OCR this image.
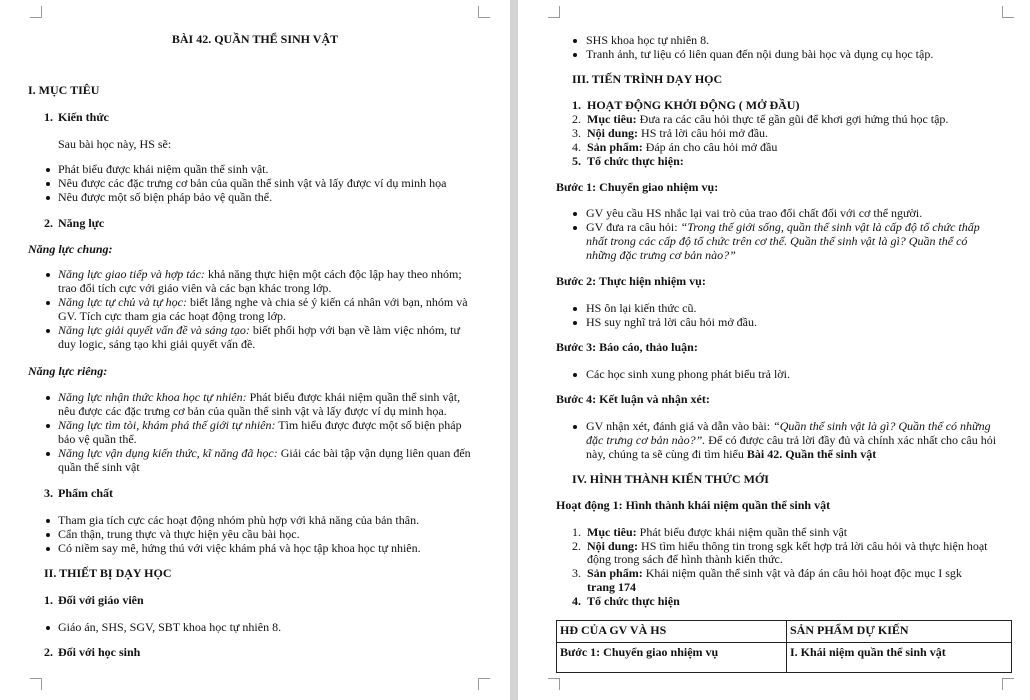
BÀI 42. QUẦN THỂ SINH VẬT
I. MỤC TIÊU
1. Kiến thức
Sau bài học này, HS sẽ:
Phát biểu được khái niệm quần thể sinh vật.
Nêu được các đặc trưng cơ bản của quần thể sinh vật và lấy được ví dụ minh họa
Nêu được một số biện pháp bảo vệ quần thể.
2. Năng lực
Năng lực chung:
Năng lực giao tiếp và hợp tác: khả năng thực hiện một cách độc lập hay theo nhóm;
trao đổi tích cực với giáo viên và các bạn khác trong lớp.
Năng lực tự chủ và tự học: biết lắng nghe và chia sẻ ý kiến cá nhân với bạn, nhóm và
GV. Tích cực tham gia các hoạt động trong lớp.
Năng lực giải quyết vấn đề và sáng tạo: biết phối hợp với bạn về làm việc nhóm, tư
duy logic, sáng tạo khi giải quyết vấn đề.
Năng lực riêng:
Năng lực nhận thức khoa học tự nhiên: Phát biểu được khái niệm quần thể sinh vật,
nêu được các đặc trưng cơ bản của quần thể sinh vật và lấy được ví dụ minh họa.
Năng lực tìm tòi, khám phá thế giới tự nhiên: Tìm hiểu được được một số biện pháp
bảo vệ quần thể.
Năng lực vận dụng kiến thức, kĩ năng đã học: Giải các bài tập vận dụng liên quan đến
quần thể sinh vật
3. Phẩm chất
Tham gia tích cực các hoạt động nhóm phù hợp với khả năng của bản thân.
Cẩn thận, trung thực và thực hiện yêu cầu bài học.
Có niềm say mê, hứng thú với việc khám phá và học tập khoa học tự nhiên.
II. THIẾT BỊ DẠY HỌC
1. Đối với giáo viên
Giáo án, SHS, SGV, SBT khoa học tự nhiên 8.
2. Đối với học sinh
SHS khoa học tự nhiên 8.
Tranh ảnh, tư liệu có liên quan đến nội dung bài học và dụng cụ học tập.
III. TIẾN TRÌNH DẠY HỌC
1. HOẠT ĐỘNG KHỞI ĐỘNG ( MỞ ĐẦU)
2. Mục tiêu: Đưa ra các câu hỏi thực tế gần gũi để khơi gợi hứng thú học tập.
3. Nội dung: HS trả lời câu hỏi mở đầu.
4. Sản phẩm: Đáp án cho câu hỏi mở đầu
5. Tổ chức thực hiện:
Bước 1: Chuyển giao nhiệm vụ:
GV yêu cầu HS nhắc lại vai trò của trao đổi chất đối với cơ thể người.
GV đưa ra câu hỏi: “Trong thế giới sống, quần thể sinh vật là cấp độ tổ chức thấp
nhất trong các cấp độ tổ chức trên cơ thể. Quần thể sinh vật là gì? Quần thể có
những đặc trưng cơ bản nào?”
Bước 2: Thực hiện nhiệm vụ:
HS ôn lại kiến thức cũ.
HS suy nghĩ trả lời câu hỏi mở đầu.
Bước 3: Báo cáo, thảo luận:
Các học sinh xung phong phát biểu trả lời.
Bước 4: Kết luận và nhận xét:
GV nhận xét, đánh giá và dẫn vào bài: “Quần thể sinh vật là gì? Quần thể có những
đặc trưng cơ bản nào?”. Để có được câu trả lời đầy đủ và chính xác nhất cho câu hỏi
này, chúng ta sẽ cùng đi tìm hiểu Bài 42. Quần thể sinh vật
IV. HÌNH THÀNH KIẾN THỨC MỚI
Hoạt động 1: Hình thành khái niệm quần thể sinh vật
1. Mục tiêu: Phát biểu được khái niệm quần thể sinh vật
2. Nội dung: HS tìm hiểu thông tin trong sgk kết hợp trả lời câu hỏi và thực hiện hoạt
động trong sách để hình thành kiến thức.
3. Sản phẩm: Khái niệm quần thể sinh vật và đáp án câu hỏi hoạt độc mục I sgk
trang 174
4. Tổ chức thực hiện
HĐ CỦA GV VÀ HS	SẢN PHẨM DỰ KIẾN
Bước 1: Chuyển giao nhiệm vụ	I. Khái niệm quần thể sinh vật
